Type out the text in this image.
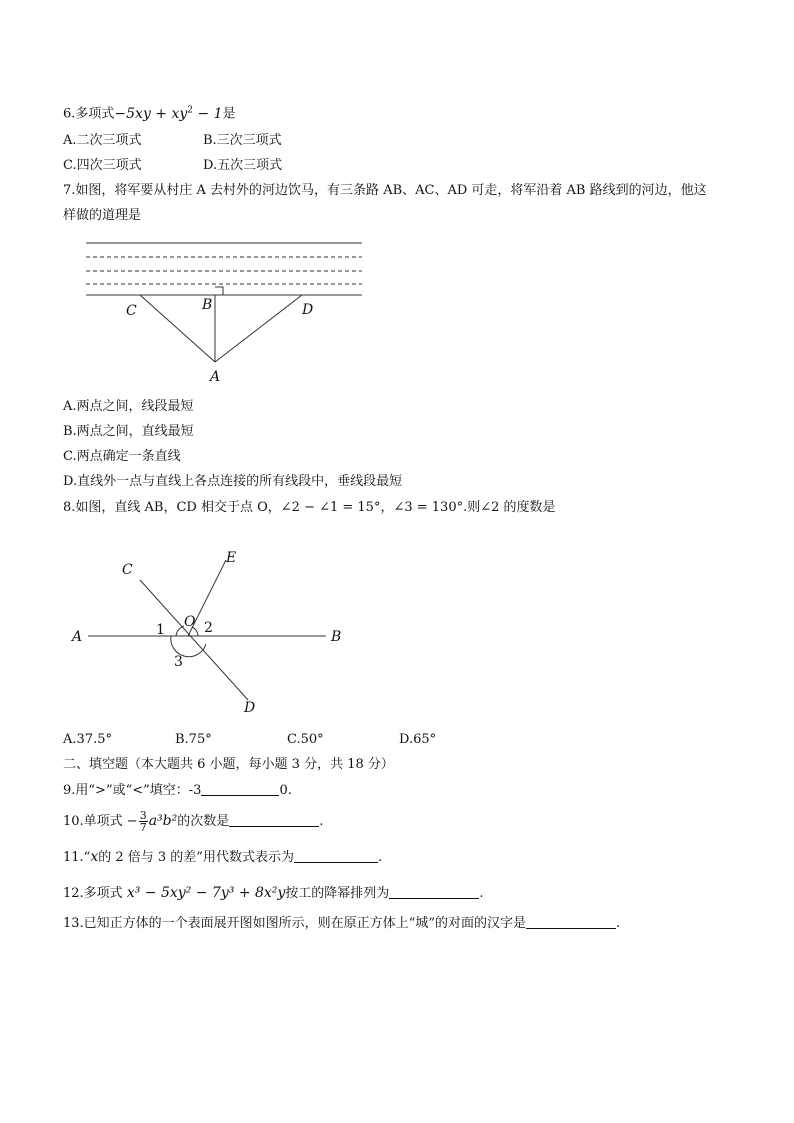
6.多项式$-5xy + xy^2 - 1$是
A.二次三项式	B.三次三项式
C.四次三项式	D.五次三项式
7.如图，将军要从村庄 A 去村外的河边饮马，有三条路 AB、AC、AD 可走，将军沿着 AB 路线到的河边，他这
样做的道理是
C	B	D
A
A.两点之间，线段最短
B.两点之间，直线最短
C.两点确定一条直线
D.直线外一点与直线上各点连接的所有线段中，垂线段最短
8.如图，直线 AB，CD 相交于点 O，∠2 − ∠1 = 15°，∠3 = 130°.则∠2 的度数是
A	B
C
D
E
O
1	2
3
A.37.5°	B.75°	C.50°	D.65°
二、填空题（本大题共 6 小题，每小题 3 分，共 18 分）
9.用“>”或“<”填空：-3	0.
10.单项式 − $\frac{3}{7} a^3b^2$的次数是	.
11.“x的 2 倍与 3 的差”用代数式表示为	.
12.多项式 x³ − 5xy² − 7y³ + 8x²y按工的降幂排列为	.
13.已知正方体的一个表面展开图如图所示，则在原正方体上“城”的对面的汉字是	.
